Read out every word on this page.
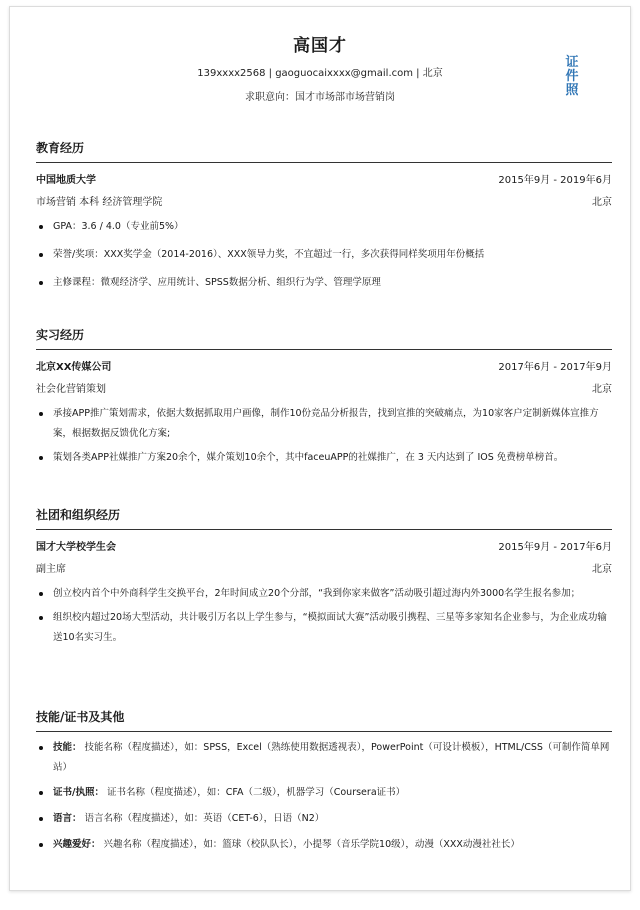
高国才
139xxxx2568 | gaoguocaixxxx@gmail.com | 北京
求职意向：国才市场部市场营销岗
证
件
照
教育经历
中国地质大学	2015年9月 - 2019年6月
市场营销 本科 经济管理学院	北京
GPA：3.6 / 4.0（专业前5%）
荣誉/奖项：XXX奖学金（2014-2016）、XXX领导力奖，不宜超过一行，多次获得同样奖项用年份概括
主修课程：微观经济学、应用统计、SPSS数据分析、组织行为学、管理学原理
实习经历
北京XX传媒公司	2017年6月 - 2017年9月
社会化营销策划	北京
承接APP推广策划需求，依据大数据抓取用户画像，制作10份竞品分析报告，找到宣推的突破痛点，为10家客户定制新媒体宣推方案，根据数据反馈优化方案;
策划各类APP社媒推广方案20余个，媒介策划10余个，其中faceuAPP的社媒推广，在 3 天内达到了 IOS 免费榜单榜首。
社团和组织经历
国才大学校学生会	2015年9月 - 2017年6月
副主席	北京
创立校内首个中外商科学生交换平台，2年时间成立20个分部，“我到你家来做客”活动吸引超过海内外3000名学生报名参加；
组织校内超过20场大型活动，共计吸引万名以上学生参与，“模拟面试大赛”活动吸引携程、三星等多家知名企业参与，为企业成功输送10名实习生。
技能/证书及其他
技能： 技能名称（程度描述），如：SPSS，Excel（熟练使用数据透视表），PowerPoint（可设计模板），HTML/CSS（可制作简单网站）
证书/执照： 证书名称（程度描述），如：CFA（二级），机器学习（Coursera证书）
语言： 语言名称（程度描述），如：英语（CET-6），日语（N2）
兴趣爱好： 兴趣名称（程度描述），如：篮球（校队队长），小提琴（音乐学院10级），动漫（XXX动漫社社长）
